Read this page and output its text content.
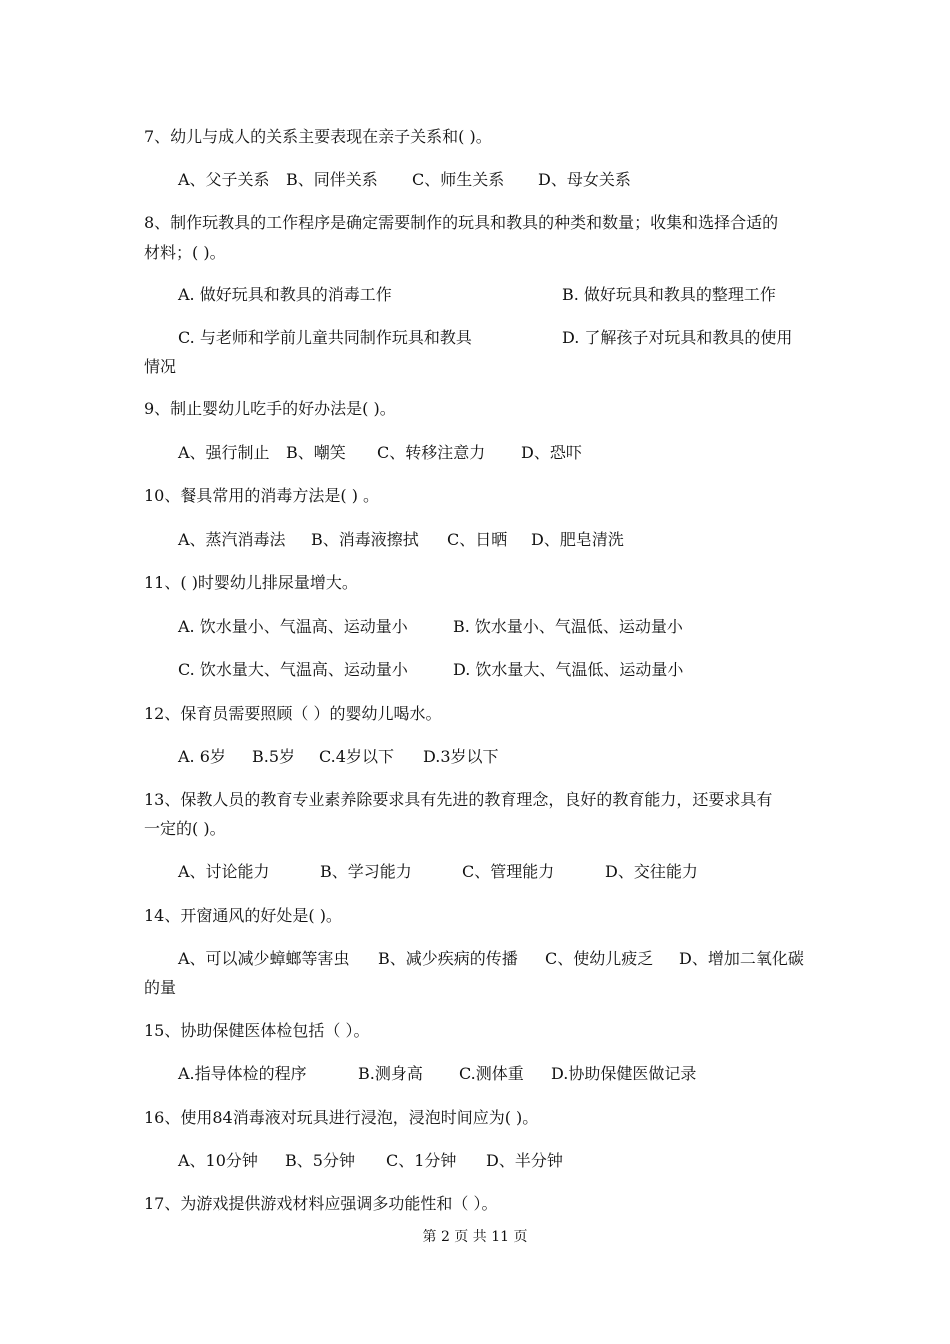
7、幼儿与成人的关系主要表现在亲子关系和( )。
A、父子关系 B、同伴关系 C、师生关系 D、母女关系
8、制作玩教具的工作程序是确定需要制作的玩具和教具的种类和数量；收集和选择合适的
材料；( )。
A. 做好玩具和教具的消毒工作	B. 做好玩具和教具的整理工作
C. 与老师和学前儿童共同制作玩具和教具	D. 了解孩子对玩具和教具的使用
情况
9、制止婴幼儿吃手的好办法是( )。
A、强行制止 B、嘲笑 C、转移注意力 D、恐吓
10、餐具常用的消毒方法是( ) 。
A、蒸汽消毒法 B、消毒液擦拭 C、日晒 D、肥皂清洗
11、( )时婴幼儿排尿量增大。
A. 饮水量小、气温高、运动量小	B. 饮水量小、气温低、运动量小
C. 饮水量大、气温高、运动量小	D. 饮水量大、气温低、运动量小
12、保育员需要照顾（ ）的婴幼儿喝水。
A. 6岁 B.5岁 C.4岁以下 D.3岁以下
13、保教人员的教育专业素养除要求具有先进的教育理念，良好的教育能力，还要求具有
一定的( )。
A、讨论能力	B、学习能力	C、管理能力	D、交往能力
14、开窗通风的好处是( )。
A、可以减少蟑螂等害虫 B、减少疾病的传播 C、使幼儿疲乏 D、增加二氧化碳
的量
15、协助保健医体检包括（ ）。
A.指导体检的程序	B.测身高 C.测体重 D.协助保健医做记录
16、使用84消毒液对玩具进行浸泡，浸泡时间应为( )。
A、10分钟 B、5分钟 C、1分钟 D、半分钟
17、为游戏提供游戏材料应强调多功能性和（ ）。
第 2 页 共 11 页
